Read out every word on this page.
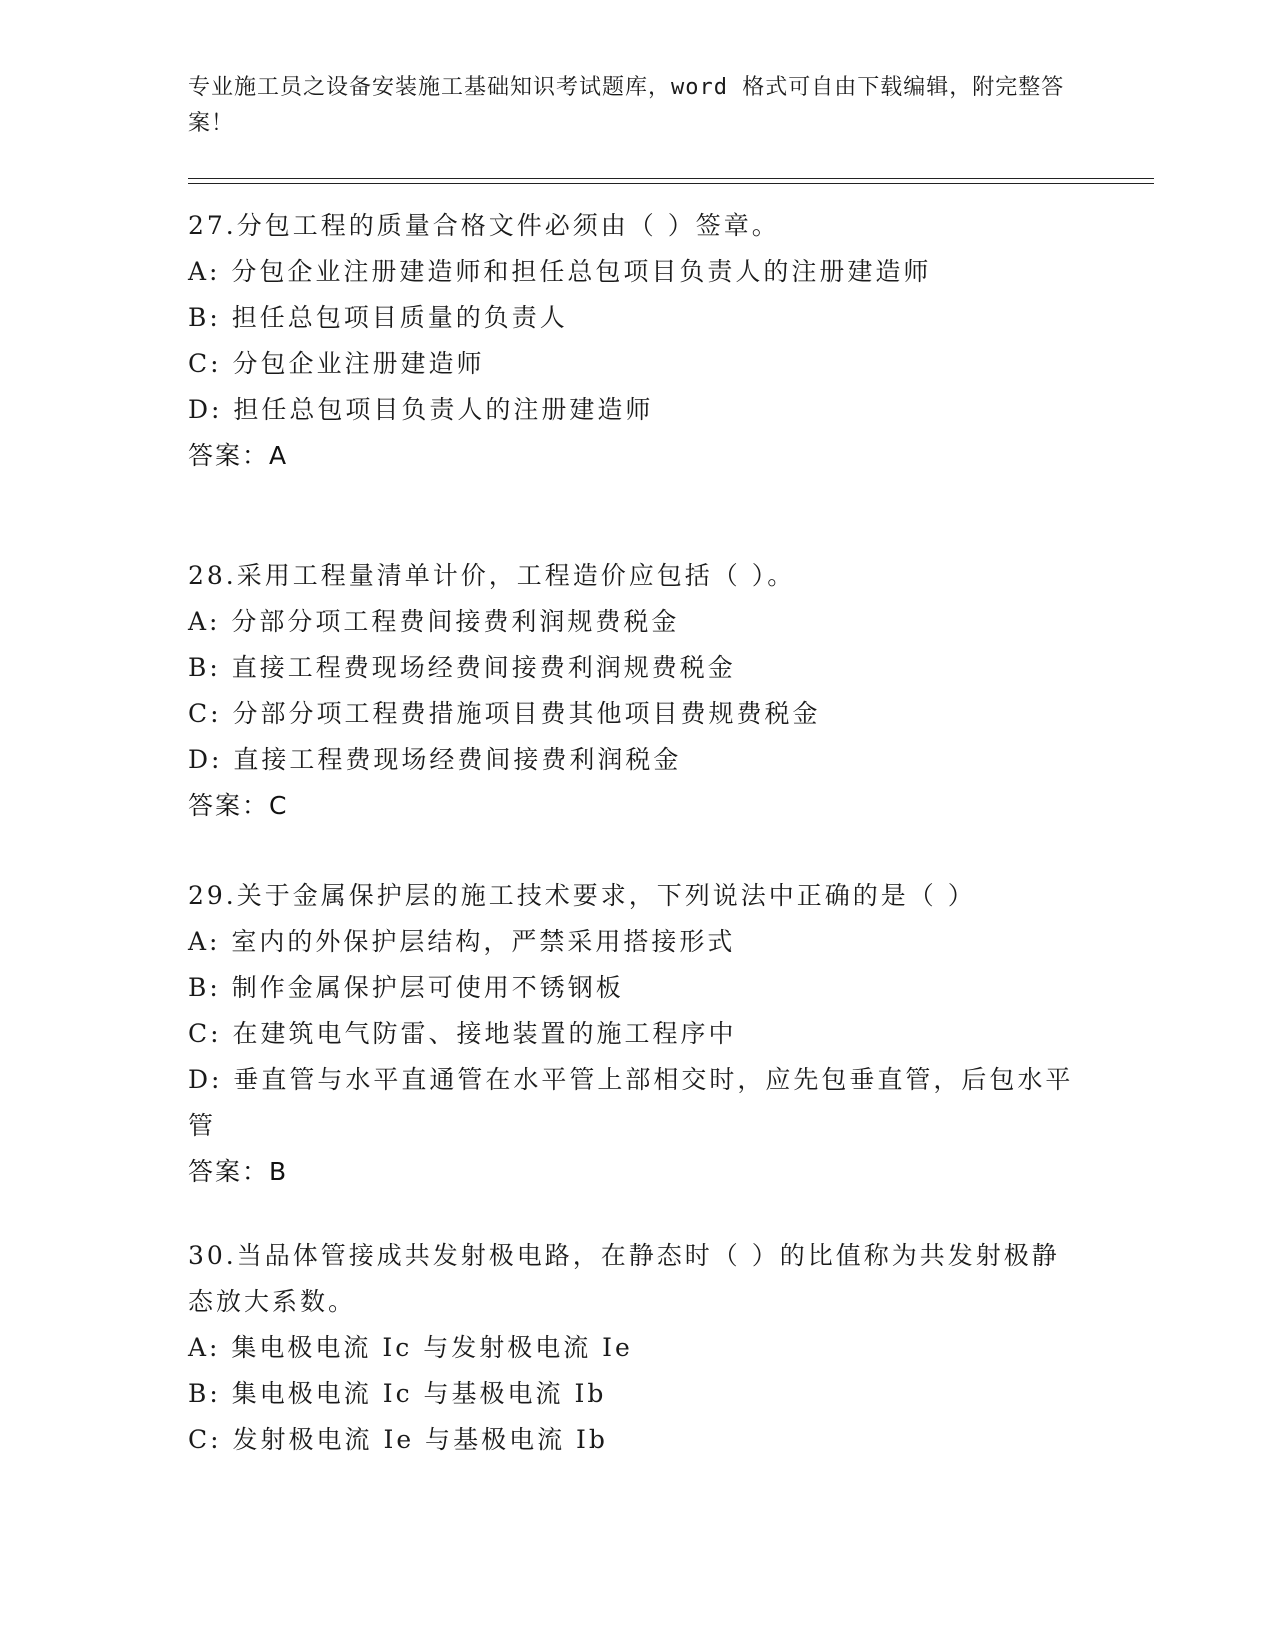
专业施工员之设备安装施工基础知识考试题库，word 格式可自由下载编辑，附完整答案！
27.分包工程的质量合格文件必须由（ ）签章。
A: 分包企业注册建造师和担任总包项目负责人的注册建造师
B: 担任总包项目质量的负责人
C: 分包企业注册建造师
D: 担任总包项目负责人的注册建造师
答案：A
28.采用工程量清单计价，工程造价应包括（ ）。
A: 分部分项工程费间接费利润规费税金
B: 直接工程费现场经费间接费利润规费税金
C: 分部分项工程费措施项目费其他项目费规费税金
D: 直接工程费现场经费间接费利润税金
答案：C
29.关于金属保护层的施工技术要求，下列说法中正确的是（ ）
A: 室内的外保护层结构，严禁采用搭接形式
B: 制作金属保护层可使用不锈钢板
C: 在建筑电气防雷、接地装置的施工程序中
D: 垂直管与水平直通管在水平管上部相交时，应先包垂直管，后包水平管
答案：B
30.当品体管接成共发射极电路，在静态时（ ）的比值称为共发射极静态放大系数。
A: 集电极电流 Ic 与发射极电流 Ie
B: 集电极电流 Ic 与基极电流 Ib
C: 发射极电流 Ie 与基极电流 Ib
